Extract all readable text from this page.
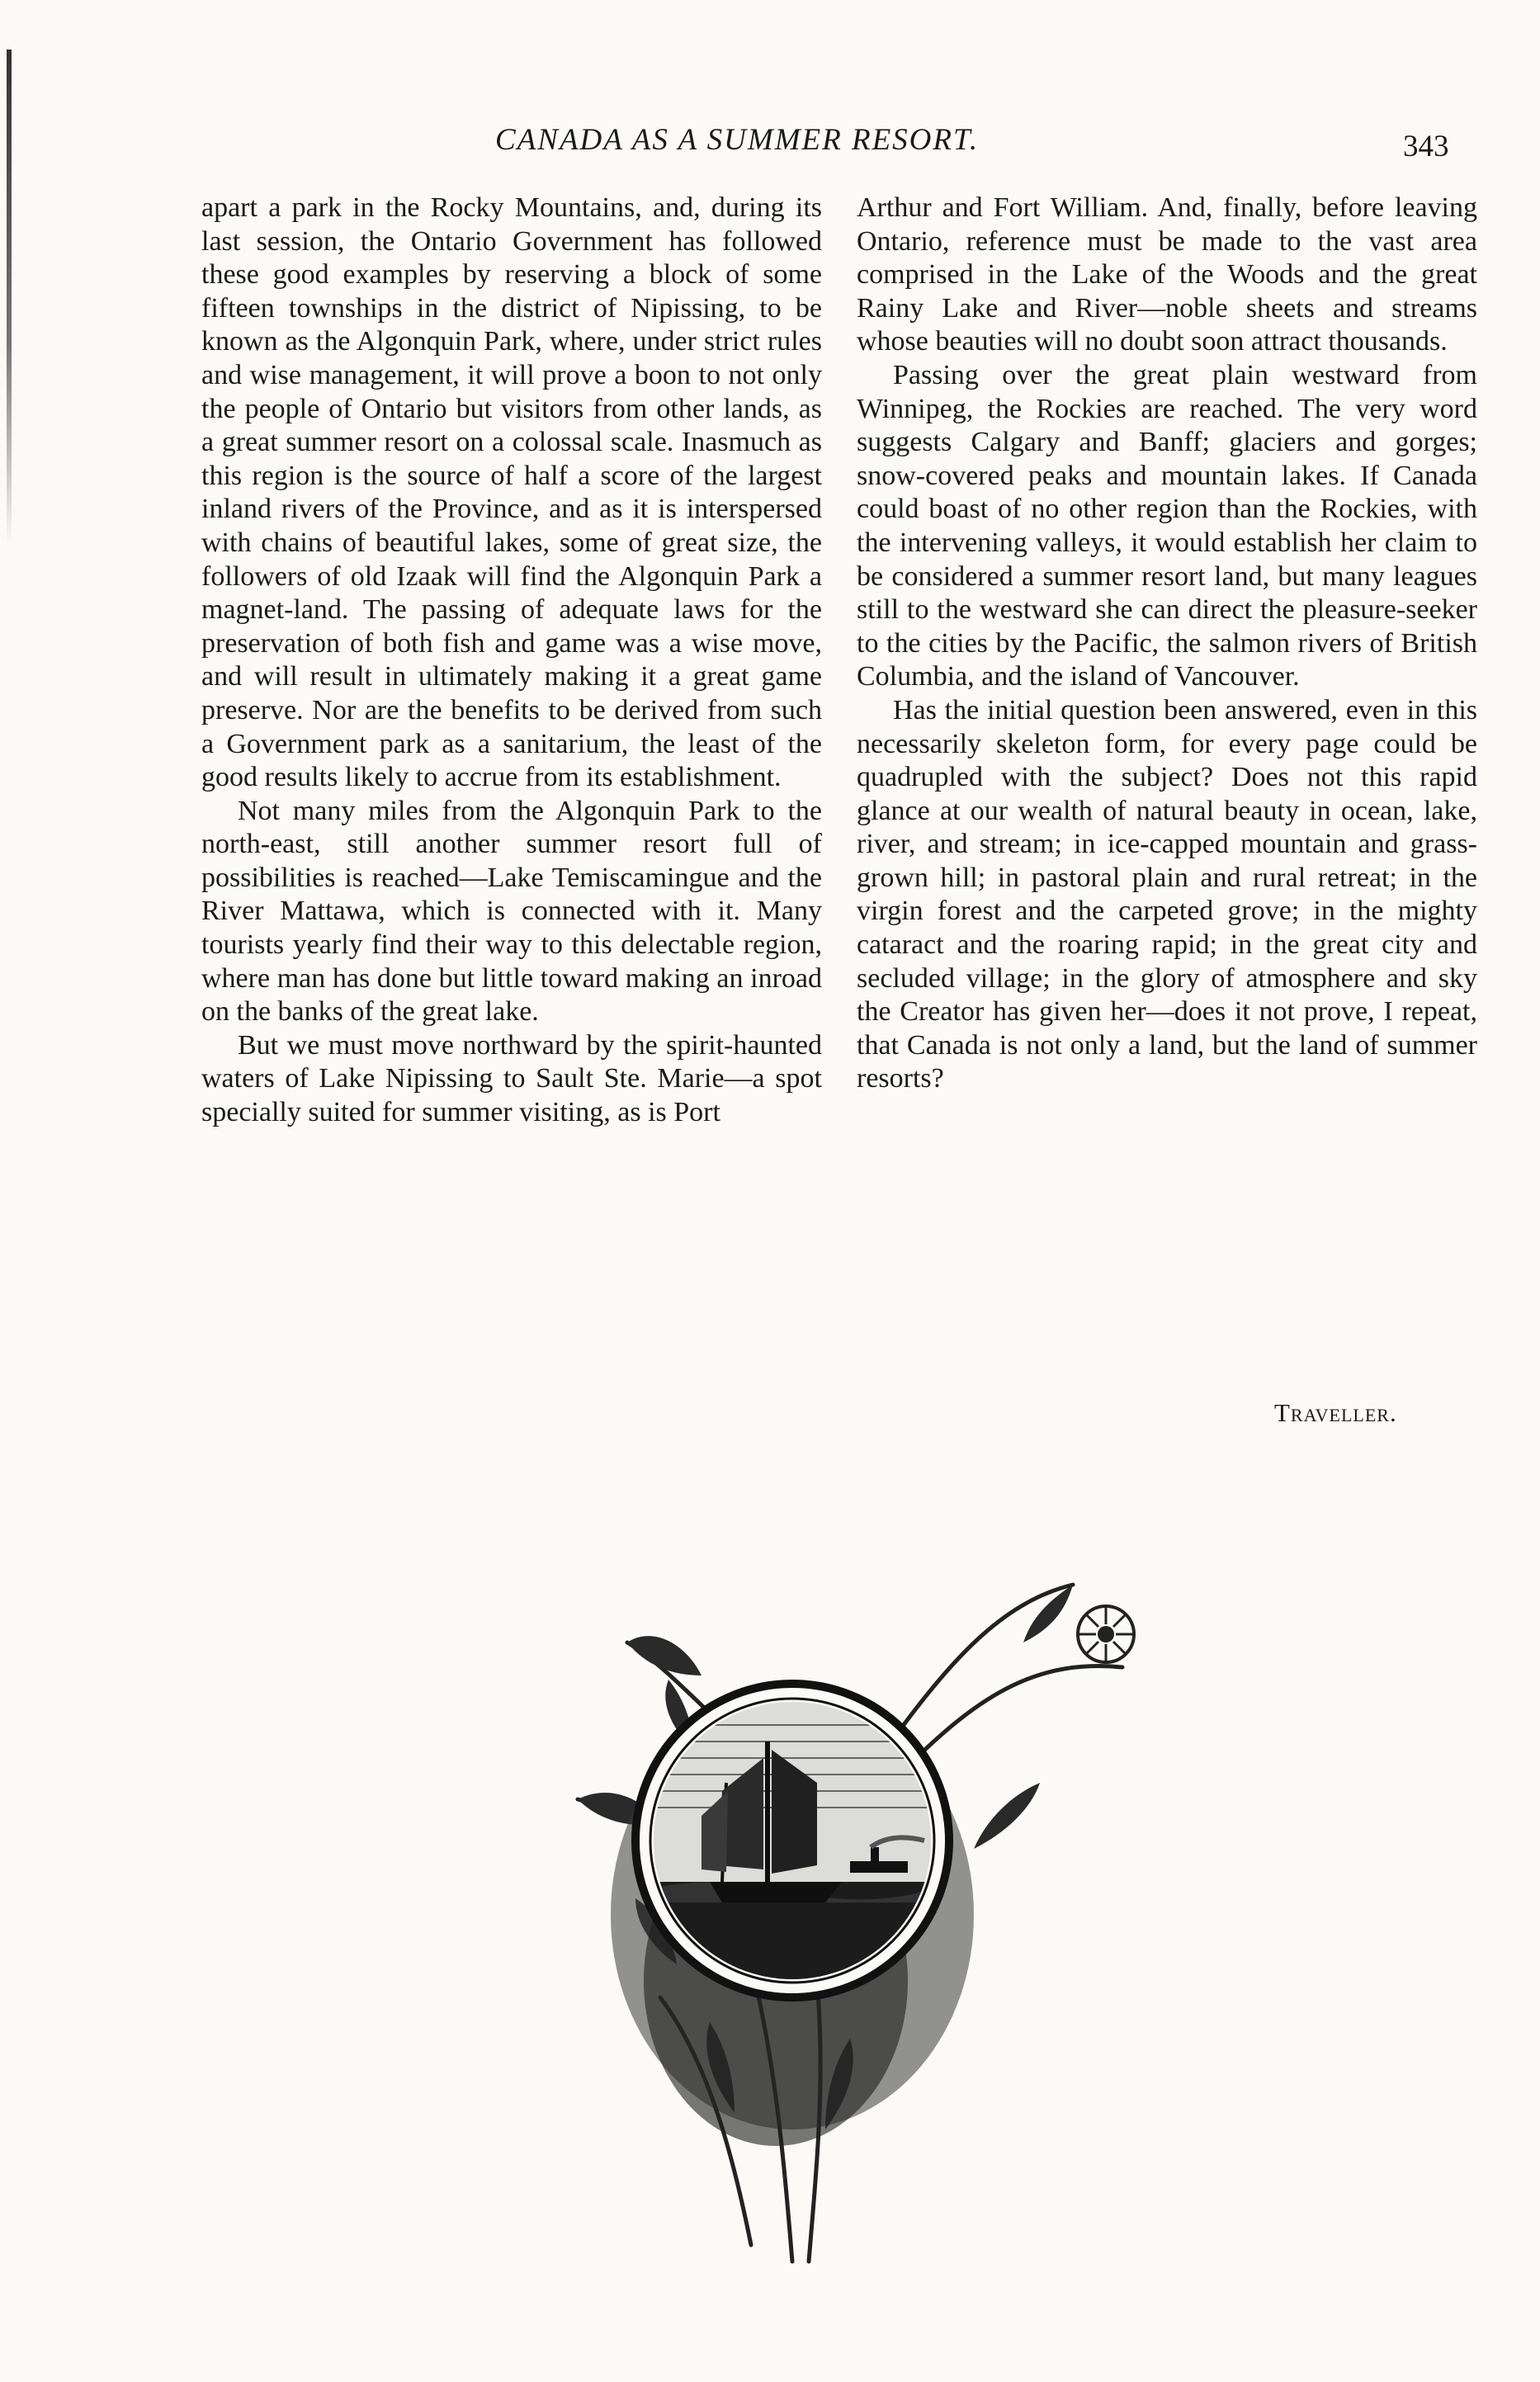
CANADA AS A SUMMER RESORT.	343

apart a park in the Rocky Mountains, and, during its last session, the Ontario Government has followed these good examples by reserving a block of some fifteen townships in the district of Nipissing, to be known as the Algonquin Park, where, under strict rules and wise management, it will prove a boon to not only the people of Ontario but visitors from other lands, as a great summer resort on a colossal scale. Inasmuch as this region is the source of half a score of the largest inland rivers of the Province, and as it is interspersed with chains of beautiful lakes, some of great size, the followers of old Izaak will find the Algonquin Park a magnet-land. The passing of adequate laws for the preservation of both fish and game was a wise move, and will result in ultimately making it a great game preserve. Nor are the benefits to be derived from such a Government park as a sanitarium, the least of the good results likely to accrue from its establishment.

Not many miles from the Algonquin Park to the north-east, still another summer resort full of possibilities is reached—Lake Temiscamingue and the River Mattawa, which is connected with it. Many tourists yearly find their way to this delectable region, where man has done but little toward making an inroad on the banks of the great lake.

But we must move northward by the spirit-haunted waters of Lake Nipissing to Sault Ste. Marie—a spot specially suited for summer visiting, as is Port

Arthur and Fort William. And, finally, before leaving Ontario, reference must be made to the vast area comprised in the Lake of the Woods and the great Rainy Lake and River—noble sheets and streams whose beauties will no doubt soon attract thousands.

Passing over the great plain westward from Winnipeg, the Rockies are reached. The very word suggests Calgary and Banff; glaciers and gorges; snow-covered peaks and mountain lakes. If Canada could boast of no other region than the Rockies, with the intervening valleys, it would establish her claim to be considered a summer resort land, but many leagues still to the westward she can direct the pleasure-seeker to the cities by the Pacific, the salmon rivers of British Columbia, and the island of Vancouver.

Has the initial question been answered, even in this necessarily skeleton form, for every page could be quadrupled with the subject? Does not this rapid glance at our wealth of natural beauty in ocean, lake, river, and stream; in ice-capped mountain and grass-grown hill; in pastoral plain and rural retreat; in the virgin forest and the carpeted grove; in the mighty cataract and the roaring rapid; in the great city and secluded village; in the glory of atmosphere and sky the Creator has given her—does it not prove, I repeat, that Canada is not only a land, but the land of summer resorts?

Traveller.
